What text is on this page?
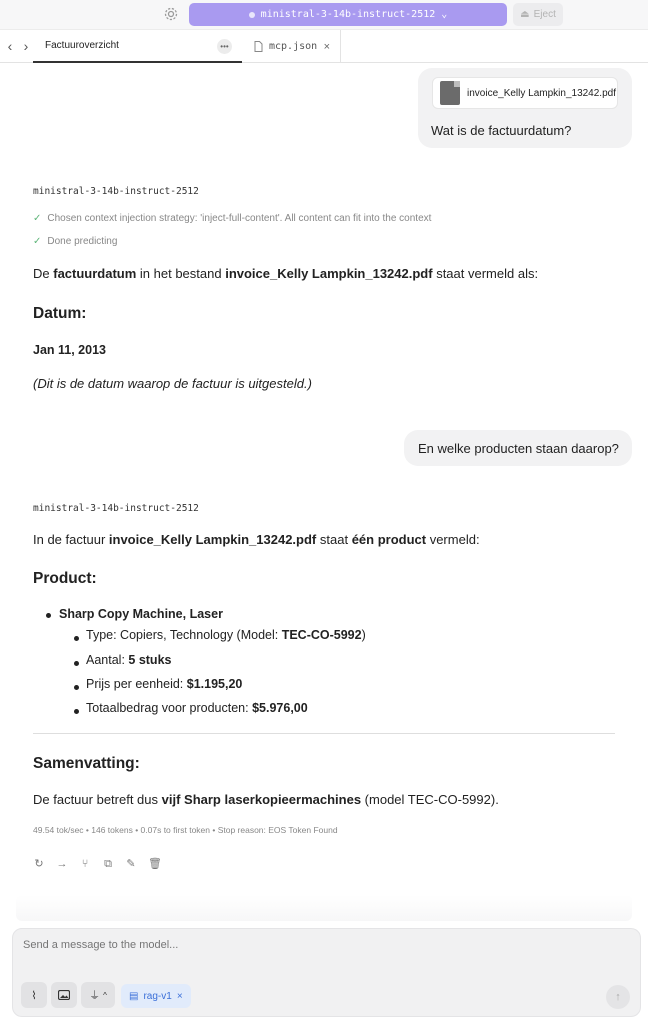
ministral-3-14b-instruct-2512 ⌄	⏏ Eject
‹ ›	Factuuroverzicht	•••	mcp.json ×
invoice_Kelly Lampkin_13242.pdf
Wat is de factuurdatum?
ministral-3-14b-instruct-2512
✓ Chosen context injection strategy: 'inject-full-content'. All content can fit into the context
✓ Done predicting
De factuurdatum in het bestand invoice_Kelly Lampkin_13242.pdf staat vermeld als:
Datum:
Jan 11, 2013
(Dit is de datum waarop de factuur is uitgesteld.)
En welke producten staan daarop?
ministral-3-14b-instruct-2512
In de factuur invoice_Kelly Lampkin_13242.pdf staat één product vermeld:
Product:
Sharp Copy Machine, Laser
Type: Copiers, Technology (Model: TEC-CO-5992)
Aantal: 5 stuks
Prijs per eenheid: $1.195,20
Totaalbedrag voor producten: $5.976,00
Samenvatting:
De factuur betreft dus vijf Sharp laserkopieermachines (model TEC-CO-5992).
49.54 tok/sec • 146 tokens • 0.07s to first token • Stop reason: EOS Token Found
↻ → ⑂ ⧉ ✎ 🗑
Send a message to the model...
⌇	⏚ ^ ▤ rag-v1 ×	↑
